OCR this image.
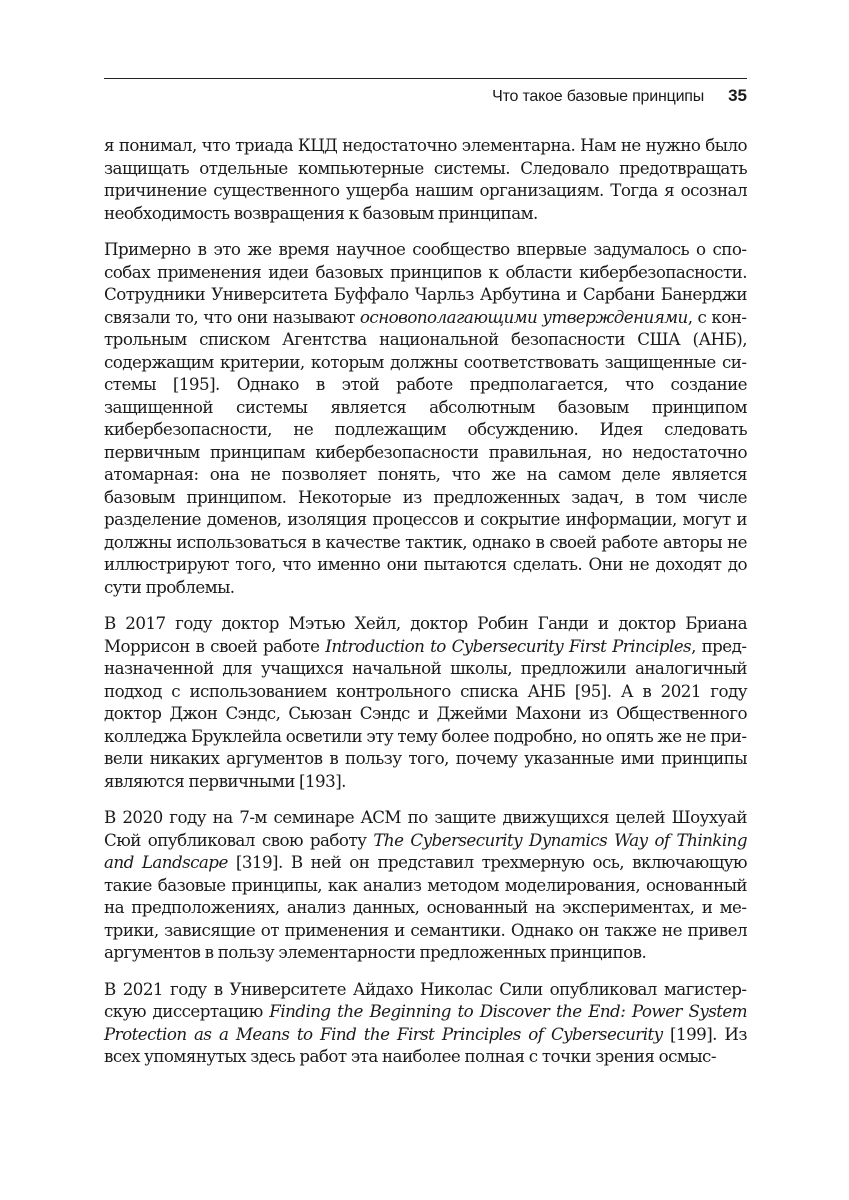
Что такое базовые принципы 35

я понимал, что триада КЦД недостаточно элементарна. Нам не нужно было защищать отдельные компьютерные системы. Следовало предотвращать причинение существенного ущерба нашим организациям. Тогда я осознал необходимость возвращения к базовым принципам.

Примерно в это же время научное сообщество впервые задумалось о способах применения идеи базовых принципов к области кибербезопасности. Сотрудники Университета Буффало Чарльз Арбутина и Сарбани Банерджи связали то, что они называют основополагающими утверждениями, с контрольным списком Агентства национальной безопасности США (АНБ), содержащим критерии, которым должны соответствовать защищенные системы [195]. Однако в этой работе предполагается, что создание защищенной системы является абсолютным базовым принципом кибербезопасности, не подлежащим обсуждению. Идея следовать первичным принципам кибербезопасности правильная, но недостаточно атомарная: она не позволяет понять, что же на самом деле является базовым принципом. Некоторые из предложенных задач, в том числе разделение доменов, изоляция процессов и сокрытие информации, могут и должны использоваться в качестве тактик, однако в своей работе авторы не иллюстрируют того, что именно они пытаются сделать. Они не доходят до сути проблемы.

В 2017 году доктор Мэтью Хейл, доктор Робин Ганди и доктор Бриана Моррисон в своей работе Introduction to Cybersecurity First Principles, предназначенной для учащихся начальной школы, предложили аналогичный подход с использованием контрольного списка АНБ [95]. А в 2021 году доктор Джон Сэндс, Сьюзан Сэндс и Джейми Махони из Общественного колледжа Бруклейла осветили эту тему более подробно, но опять же не привели никаких аргументов в пользу того, почему указанные ими принципы являются первичными [193].

В 2020 году на 7-м семинаре ACM по защите движущихся целей Шоухуай Сюй опубликовал свою работу The Cybersecurity Dynamics Way of Thinking and Landscape [319]. В ней он представил трехмерную ось, включающую такие базовые принципы, как анализ методом моделирования, основанный на предположениях, анализ данных, основанный на экспериментах, и метрики, зависящие от применения и семантики. Однако он также не привел аргументов в пользу элементарности предложенных принципов.

В 2021 году в Университете Айдахо Николас Сили опубликовал магистерскую диссертацию Finding the Beginning to Discover the End: Power System Protection as a Means to Find the First Principles of Cybersecurity [199]. Из всех упомянутых здесь работ эта наиболее полная с точки зрения осмыс-
